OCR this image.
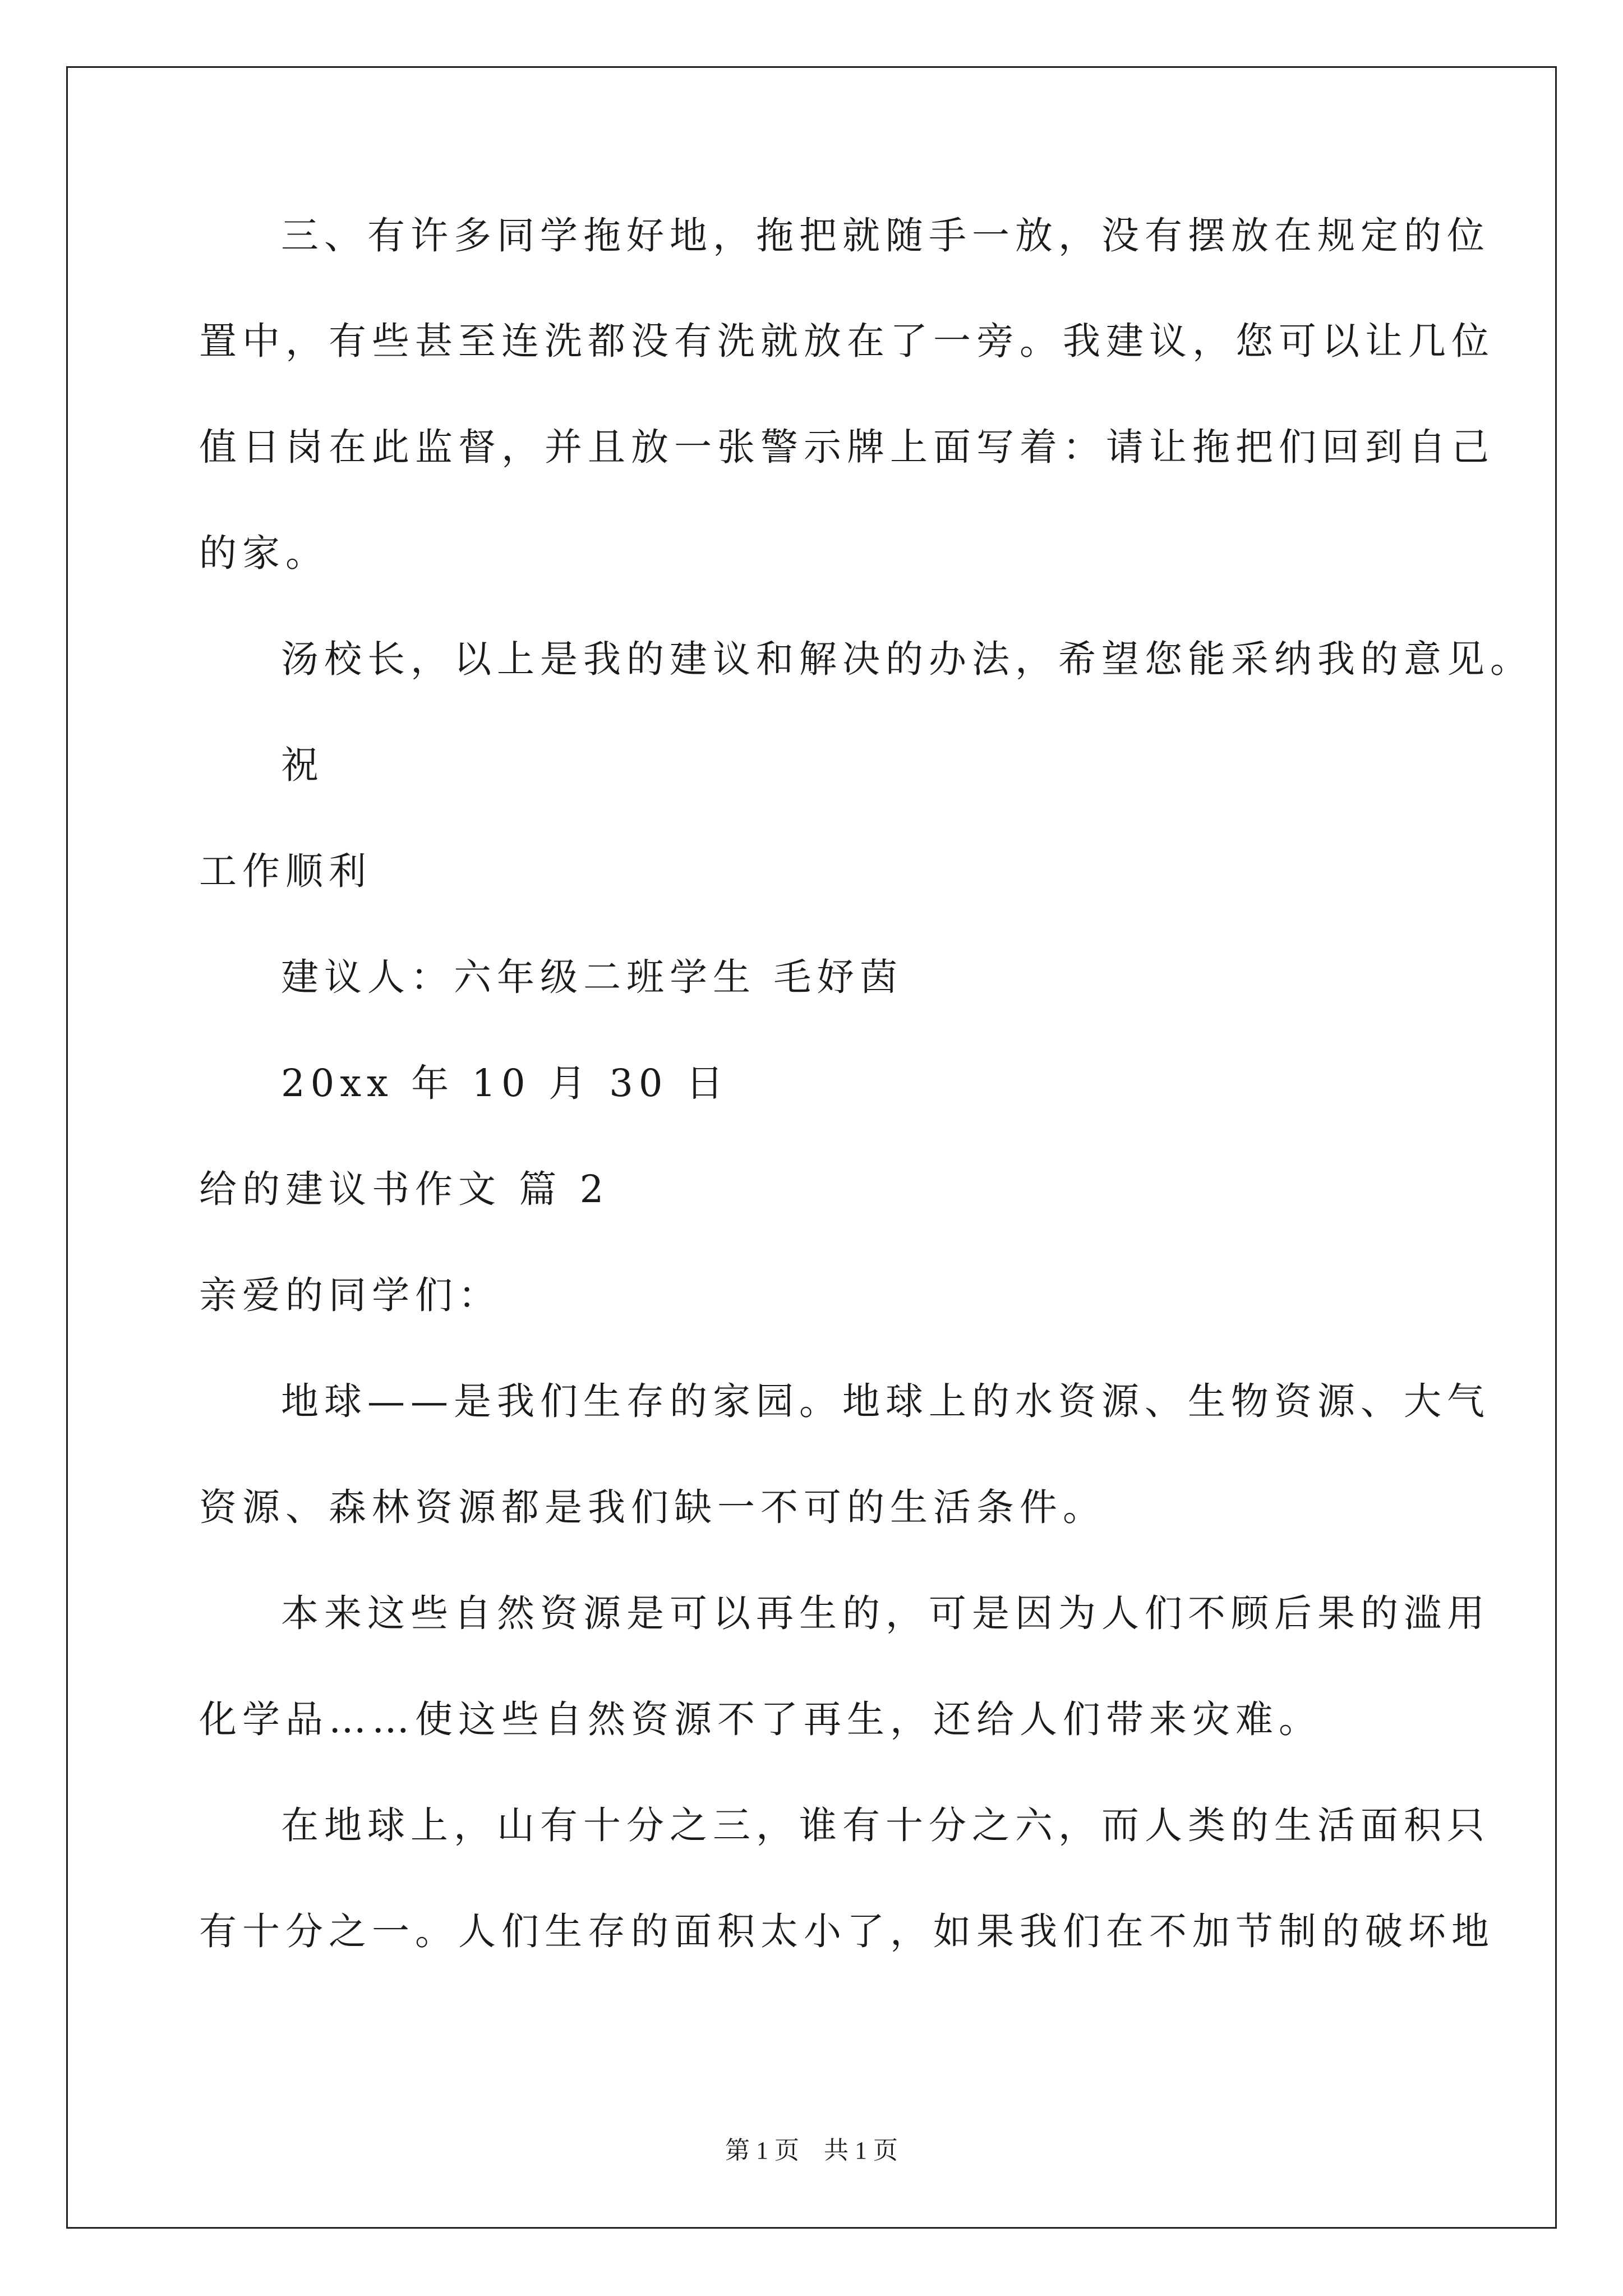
三、有许多同学拖好地，拖把就随手一放，没有摆放在规定的位
置中，有些甚至连洗都没有洗就放在了一旁。我建议，您可以让几位
值日岗在此监督，并且放一张警示牌上面写着：请让拖把们回到自己
的家。
汤校长，以上是我的建议和解决的办法，希望您能采纳我的意见。
祝
工作顺利
建议人：六年级二班学生 毛妤茵
20xx 年 10 月 30 日
给的建议书作文 篇 2
亲爱的同学们：
地球——是我们生存的家园。地球上的水资源、生物资源、大气
资源、森林资源都是我们缺一不可的生活条件。
本来这些自然资源是可以再生的，可是因为人们不顾后果的滥用
化学品……使这些自然资源不了再生，还给人们带来灾难。
在地球上，山有十分之三，谁有十分之六，而人类的生活面积只
有十分之一。人们生存的面积太小了，如果我们在不加节制的破坏地
第 1 页　共 1 页
